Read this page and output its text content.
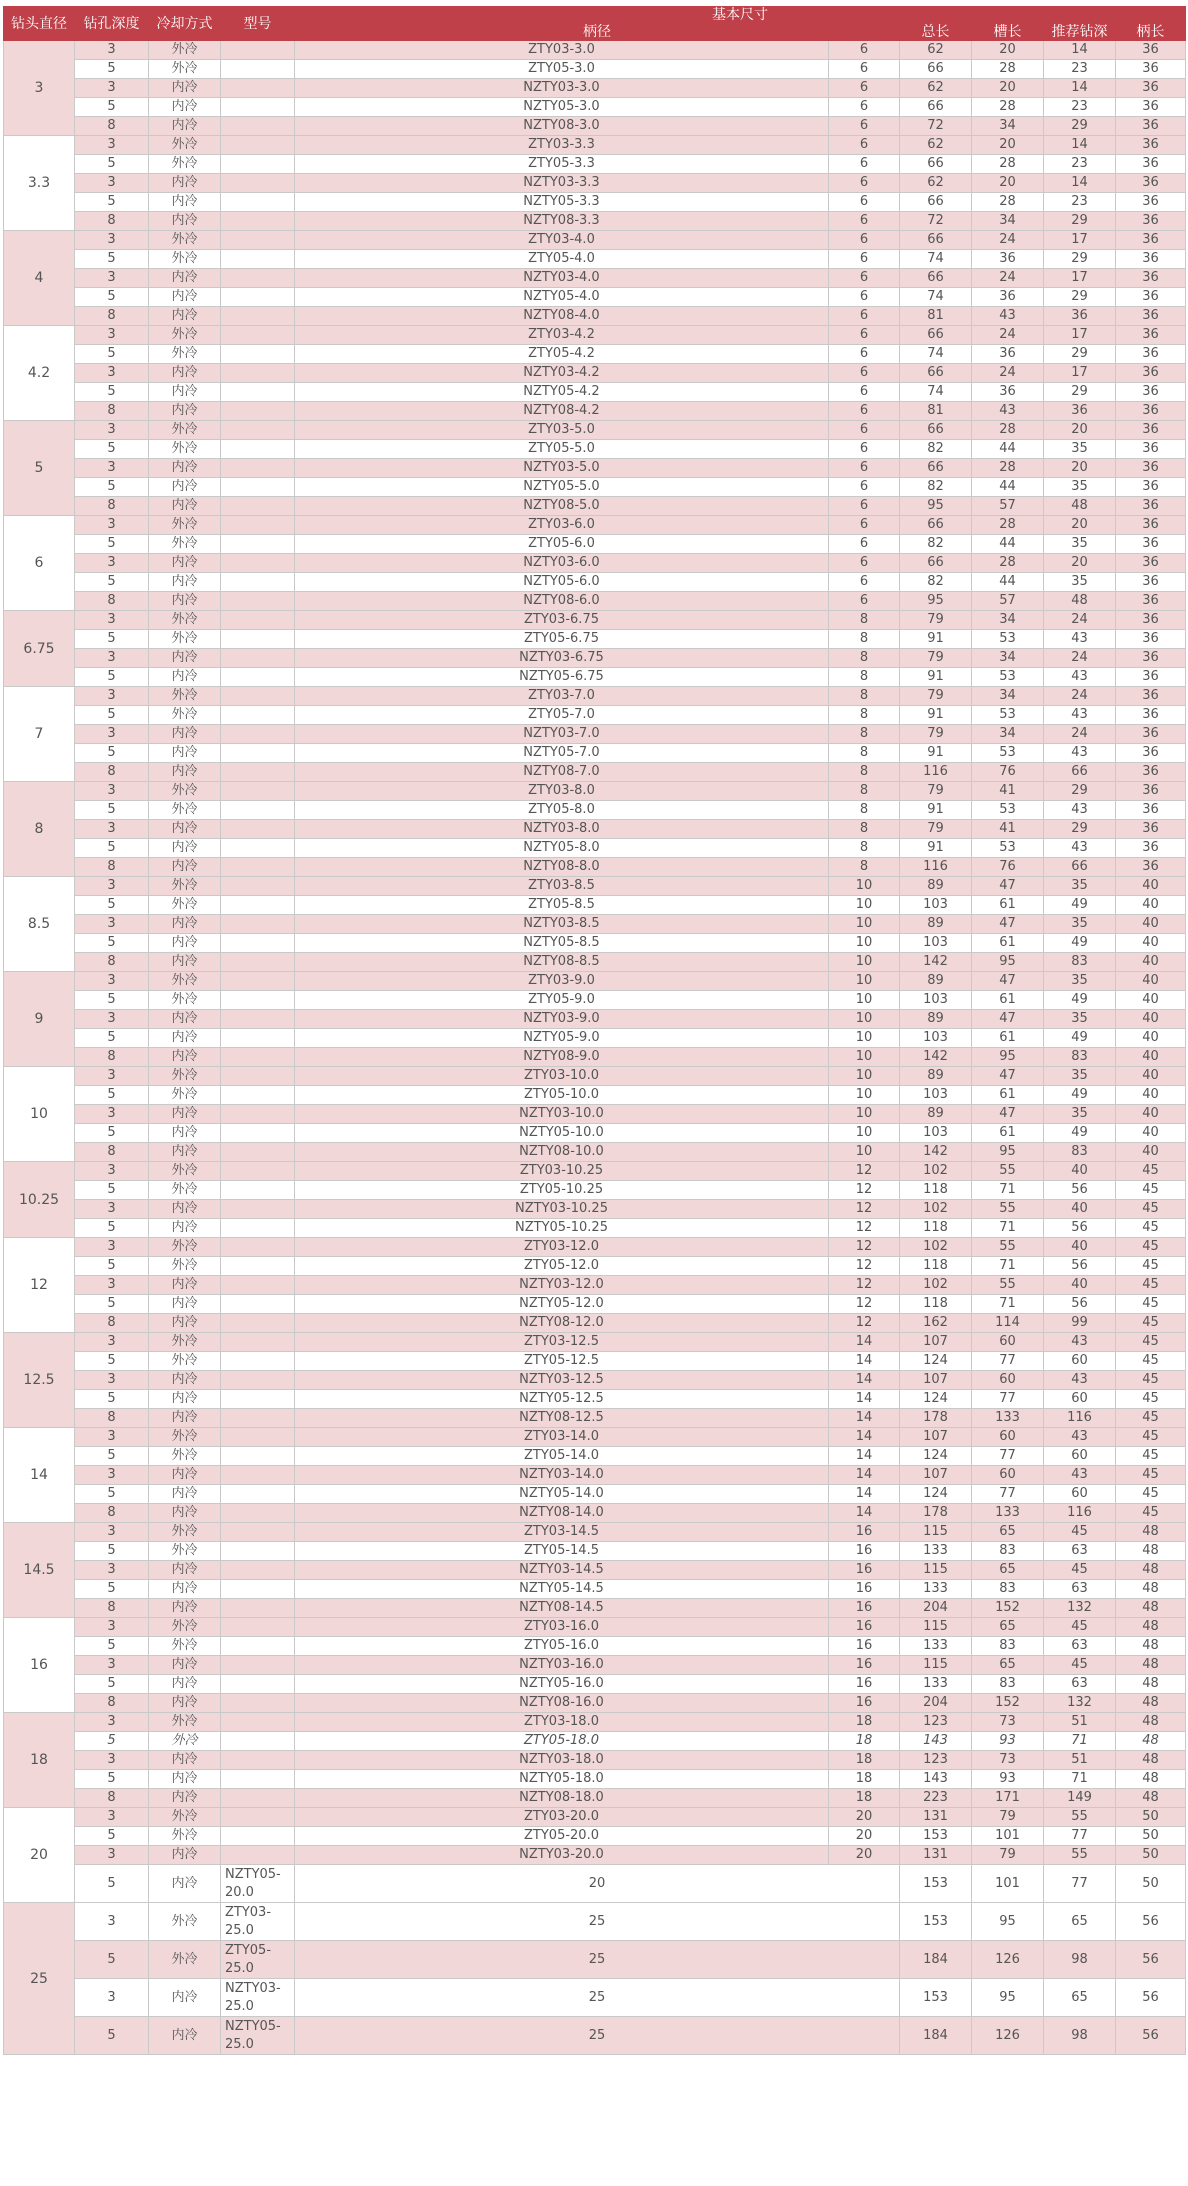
钻头直径	钻孔深度	冷却方式	型号	基本尺寸					
				柄径		总长	槽长	推荐钻深	柄长
3	3	外冷		ZTY03-3.0	6	62	20	14	36
	5	外冷		ZTY05-3.0	6	66	28	23	36
	3	内冷		NZTY03-3.0	6	62	20	14	36
	5	内冷		NZTY05-3.0	6	66	28	23	36
	8	内冷		NZTY08-3.0	6	72	34	29	36
3.3	3	外冷		ZTY03-3.3	6	62	20	14	36
	5	外冷		ZTY05-3.3	6	66	28	23	36
	3	内冷		NZTY03-3.3	6	62	20	14	36
	5	内冷		NZTY05-3.3	6	66	28	23	36
	8	内冷		NZTY08-3.3	6	72	34	29	36
4	3	外冷		ZTY03-4.0	6	66	24	17	36
	5	外冷		ZTY05-4.0	6	74	36	29	36
	3	内冷		NZTY03-4.0	6	66	24	17	36
	5	内冷		NZTY05-4.0	6	74	36	29	36
	8	内冷		NZTY08-4.0	6	81	43	36	36
4.2	3	外冷		ZTY03-4.2	6	66	24	17	36
	5	外冷		ZTY05-4.2	6	74	36	29	36
	3	内冷		NZTY03-4.2	6	66	24	17	36
	5	内冷		NZTY05-4.2	6	74	36	29	36
	8	内冷		NZTY08-4.2	6	81	43	36	36
5	3	外冷		ZTY03-5.0	6	66	28	20	36
	5	外冷		ZTY05-5.0	6	82	44	35	36
	3	内冷		NZTY03-5.0	6	66	28	20	36
	5	内冷		NZTY05-5.0	6	82	44	35	36
	8	内冷		NZTY08-5.0	6	95	57	48	36
6	3	外冷		ZTY03-6.0	6	66	28	20	36
	5	外冷		ZTY05-6.0	6	82	44	35	36
	3	内冷		NZTY03-6.0	6	66	28	20	36
	5	内冷		NZTY05-6.0	6	82	44	35	36
	8	内冷		NZTY08-6.0	6	95	57	48	36
6.75	3	外冷		ZTY03-6.75	8	79	34	24	36
	5	外冷		ZTY05-6.75	8	91	53	43	36
	3	内冷		NZTY03-6.75	8	79	34	24	36
	5	内冷		NZTY05-6.75	8	91	53	43	36
7	3	外冷		ZTY03-7.0	8	79	34	24	36
	5	外冷		ZTY05-7.0	8	91	53	43	36
	3	内冷		NZTY03-7.0	8	79	34	24	36
	5	内冷		NZTY05-7.0	8	91	53	43	36
	8	内冷		NZTY08-7.0	8	116	76	66	36
8	3	外冷		ZTY03-8.0	8	79	41	29	36
	5	外冷		ZTY05-8.0	8	91	53	43	36
	3	内冷		NZTY03-8.0	8	79	41	29	36
	5	内冷		NZTY05-8.0	8	91	53	43	36
	8	内冷		NZTY08-8.0	8	116	76	66	36
8.5	3	外冷		ZTY03-8.5	10	89	47	35	40
	5	外冷		ZTY05-8.5	10	103	61	49	40
	3	内冷		NZTY03-8.5	10	89	47	35	40
	5	内冷		NZTY05-8.5	10	103	61	49	40
	8	内冷		NZTY08-8.5	10	142	95	83	40
9	3	外冷		ZTY03-9.0	10	89	47	35	40
	5	外冷		ZTY05-9.0	10	103	61	49	40
	3	内冷		NZTY03-9.0	10	89	47	35	40
	5	内冷		NZTY05-9.0	10	103	61	49	40
	8	内冷		NZTY08-9.0	10	142	95	83	40
10	3	外冷		ZTY03-10.0	10	89	47	35	40
	5	外冷		ZTY05-10.0	10	103	61	49	40
	3	内冷		NZTY03-10.0	10	89	47	35	40
	5	内冷		NZTY05-10.0	10	103	61	49	40
	8	内冷		NZTY08-10.0	10	142	95	83	40
10.25	3	外冷		ZTY03-10.25	12	102	55	40	45
	5	外冷		ZTY05-10.25	12	118	71	56	45
	3	内冷		NZTY03-10.25	12	102	55	40	45
	5	内冷		NZTY05-10.25	12	118	71	56	45
12	3	外冷		ZTY03-12.0	12	102	55	40	45
	5	外冷		ZTY05-12.0	12	118	71	56	45
	3	内冷		NZTY03-12.0	12	102	55	40	45
	5	内冷		NZTY05-12.0	12	118	71	56	45
	8	内冷		NZTY08-12.0	12	162	114	99	45
12.5	3	外冷		ZTY03-12.5	14	107	60	43	45
	5	外冷		ZTY05-12.5	14	124	77	60	45
	3	内冷		NZTY03-12.5	14	107	60	43	45
	5	内冷		NZTY05-12.5	14	124	77	60	45
	8	内冷		NZTY08-12.5	14	178	133	116	45
14	3	外冷		ZTY03-14.0	14	107	60	43	45
	5	外冷		ZTY05-14.0	14	124	77	60	45
	3	内冷		NZTY03-14.0	14	107	60	43	45
	5	内冷		NZTY05-14.0	14	124	77	60	45
	8	内冷		NZTY08-14.0	14	178	133	116	45
14.5	3	外冷		ZTY03-14.5	16	115	65	45	48
	5	外冷		ZTY05-14.5	16	133	83	63	48
	3	内冷		NZTY03-14.5	16	115	65	45	48
	5	内冷		NZTY05-14.5	16	133	83	63	48
	8	内冷		NZTY08-14.5	16	204	152	132	48
16	3	外冷		ZTY03-16.0	16	115	65	45	48
	5	外冷		ZTY05-16.0	16	133	83	63	48
	3	内冷		NZTY03-16.0	16	115	65	45	48
	5	内冷		NZTY05-16.0	16	133	83	63	48
	8	内冷		NZTY08-16.0	16	204	152	132	48
18	3	外冷		ZTY03-18.0	18	123	73	51	48
	5	外冷		ZTY05-18.0	18	143	93	71	48
	3	内冷		NZTY03-18.0	18	123	73	51	48
	5	内冷		NZTY05-18.0	18	143	93	71	48
	8	内冷		NZTY08-18.0	18	223	171	149	48
20	3	外冷		ZTY03-20.0	20	131	79	55	50
	5	外冷		ZTY05-20.0	20	153	101	77	50
	3	内冷		NZTY03-20.0	20	131	79	55	50
	5	内冷	NZTY05-20.0	20		153	101	77	50
25	3	外冷	ZTY03-25.0	25		153	95	65	56
	5	外冷	ZTY05-25.0	25		184	126	98	56
	3	内冷	NZTY03-25.0	25		153	95	65	56
	5	内冷	NZTY05-25.0	25		184	126	98	56
